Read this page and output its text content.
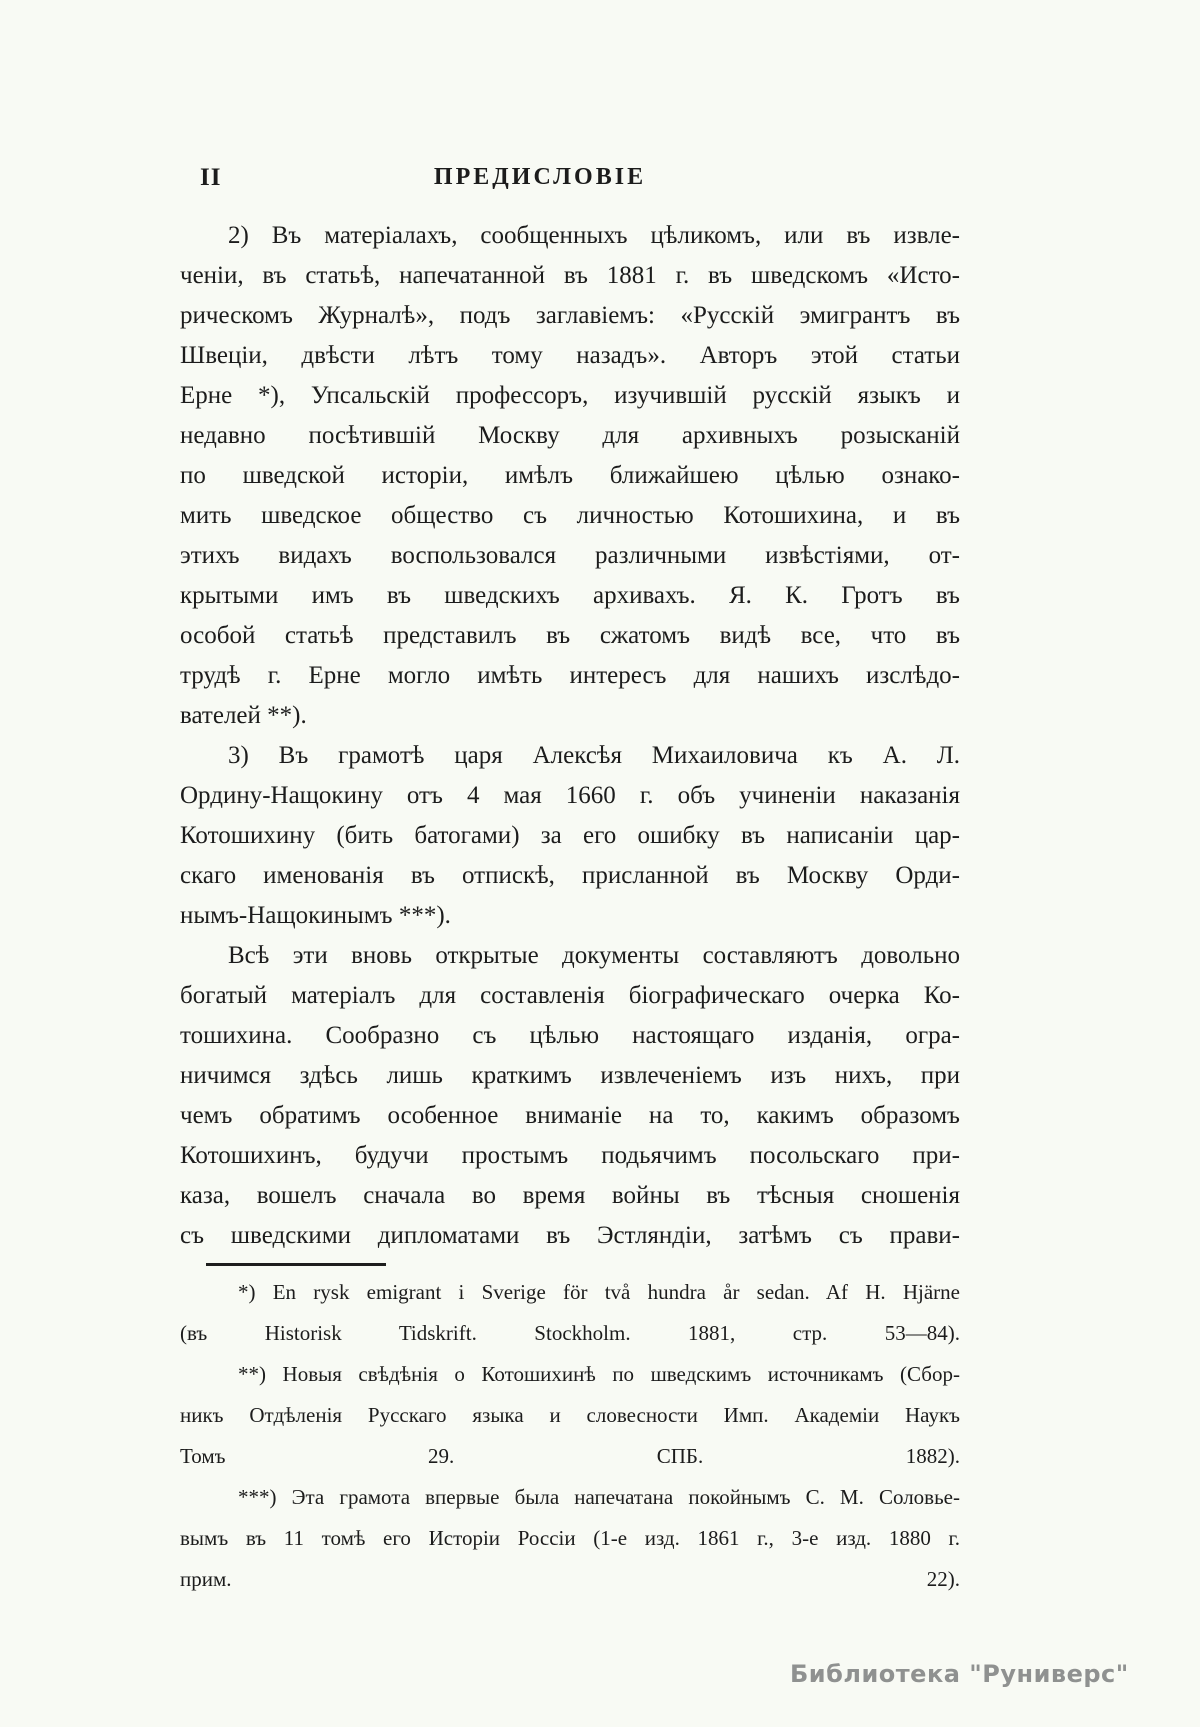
II	ПРЕДИСЛОВІЕ
2) Въ матеріалахъ, сообщенныхъ цѣликомъ, или въ извле-
ченіи, въ статьѣ, напечатанной въ 1881 г. въ шведскомъ «Исто-
рическомъ Журналѣ», подъ заглавіемъ: «Русскій эмигрантъ въ
Швеціи, двѣсти лѣтъ тому назадъ». Авторъ этой статьи
Ерне *), Упсальскій профессоръ, изучившій русскій языкъ и
недавно посѣтившій Москву для архивныхъ розысканій
по шведской исторіи, имѣлъ ближайшею цѣлью ознако-
мить шведское общество съ личностью Котошихина, и въ
этихъ видахъ воспользовался различными извѣстіями, от-
крытыми имъ въ шведскихъ архивахъ. Я. К. Гротъ въ
особой статьѣ представилъ въ сжатомъ видѣ все, что въ
трудѣ г. Ерне могло имѣть интересъ для нашихъ изслѣдо-
вателей **).
3) Въ грамотѣ царя Алексѣя Михаиловича къ А. Л.
Ордину-Нащокину отъ 4 мая 1660 г. объ учиненіи наказанія
Котошихину (бить батогами) за его ошибку въ написаніи цар-
скаго именованія въ отпискѣ, присланной въ Москву Орди-
нымъ-Нащокинымъ ***).
Всѣ эти вновь открытые документы составляютъ довольно
богатый матеріалъ для составленія біографическаго очерка Ко-
тошихина. Сообразно съ цѣлью настоящаго изданія, огра-
ничимся здѣсь лишь краткимъ извлеченіемъ изъ нихъ, при
чемъ обратимъ особенное вниманіе на то, какимъ образомъ
Котошихинъ, будучи простымъ подьячимъ посольскаго при-
каза, вошелъ сначала во время войны въ тѣсныя сношенія
съ шведскими дипломатами въ Эстляндіи, затѣмъ съ прави-
*) En rysk emigrant i Sverige för två hundra år sedan. Af H. Hjärne
(въ Historisk Tidskrift. Stockholm. 1881, стр. 53—84).
**) Новыя свѣдѣнія о Котошихинѣ по шведскимъ источникамъ (Сбор-
никъ Отдѣленія Русскаго языка и словесности Имп. Академіи Наукъ
Томъ 29. СПБ. 1882).
***) Эта грамота впервые была напечатана покойнымъ С. М. Соловье-
вымъ въ 11 томѣ его Исторіи Россіи (1-е изд. 1861 г., 3-е изд. 1880 г.
прим. 22).
Библиотека "Руниверс"
